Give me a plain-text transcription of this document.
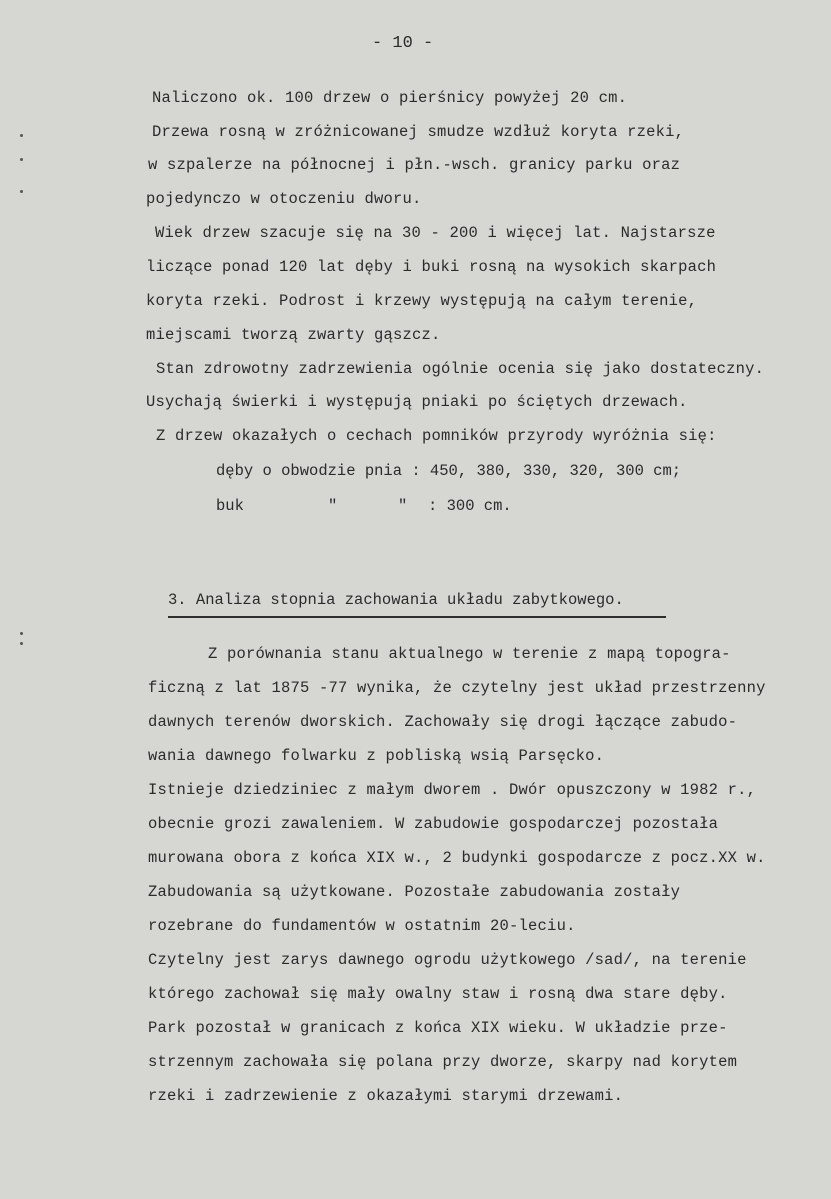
- 10 -
Naliczono ok. 100 drzew o pierśnicy powyżej 20 cm.
Drzewa rosną w zróżnicowanej smudze wzdłuż koryta rzeki,
w szpalerze na północnej i płn.-wsch. granicy parku oraz
pojedynczo w otoczeniu dworu.
Wiek drzew szacuje się na 30 - 200 i więcej lat. Najstarsze
liczące ponad 120 lat dęby i buki rosną na wysokich skarpach
koryta rzeki. Podrost i krzewy występują na całym terenie,
miejscami tworzą zwarty gąszcz.
Stan zdrowotny zadrzewienia ogólnie ocenia się jako dostateczny.
Usychają świerki i występują pniaki po ściętych drzewach.
Z drzew okazałych o cechach pomników przyrody wyróżnia się:
dęby o obwodzie pnia : 450, 380, 330, 320, 300 cm;
buk	"	" : 300 cm.
3. Analiza stopnia zachowania układu zabytkowego.
Z porównania stanu aktualnego w terenie z mapą topogra-
ficzną z lat 1875 -77 wynika, że czytelny jest układ przestrzenny
dawnych terenów dworskich. Zachowały się drogi łączące zabudo-
wania dawnego folwarku z pobliską wsią Parsęcko.
Istnieje dziedziniec z małym dworem . Dwór opuszczony w 1982 r.,
obecnie grozi zawaleniem. W zabudowie gospodarczej pozostała
murowana obora z końca XIX w., 2 budynki gospodarcze z pocz.XX w.
Zabudowania są użytkowane. Pozostałe zabudowania zostały
rozebrane do fundamentów w ostatnim 20-leciu.
Czytelny jest zarys dawnego ogrodu użytkowego /sad/, na terenie
którego zachował się mały owalny staw i rosną dwa stare dęby.
Park pozostał w granicach z końca XIX wieku. W układzie prze-
strzennym zachowała się polana przy dworze, skarpy nad korytem
rzeki i zadrzewienie z okazałymi starymi drzewami.
